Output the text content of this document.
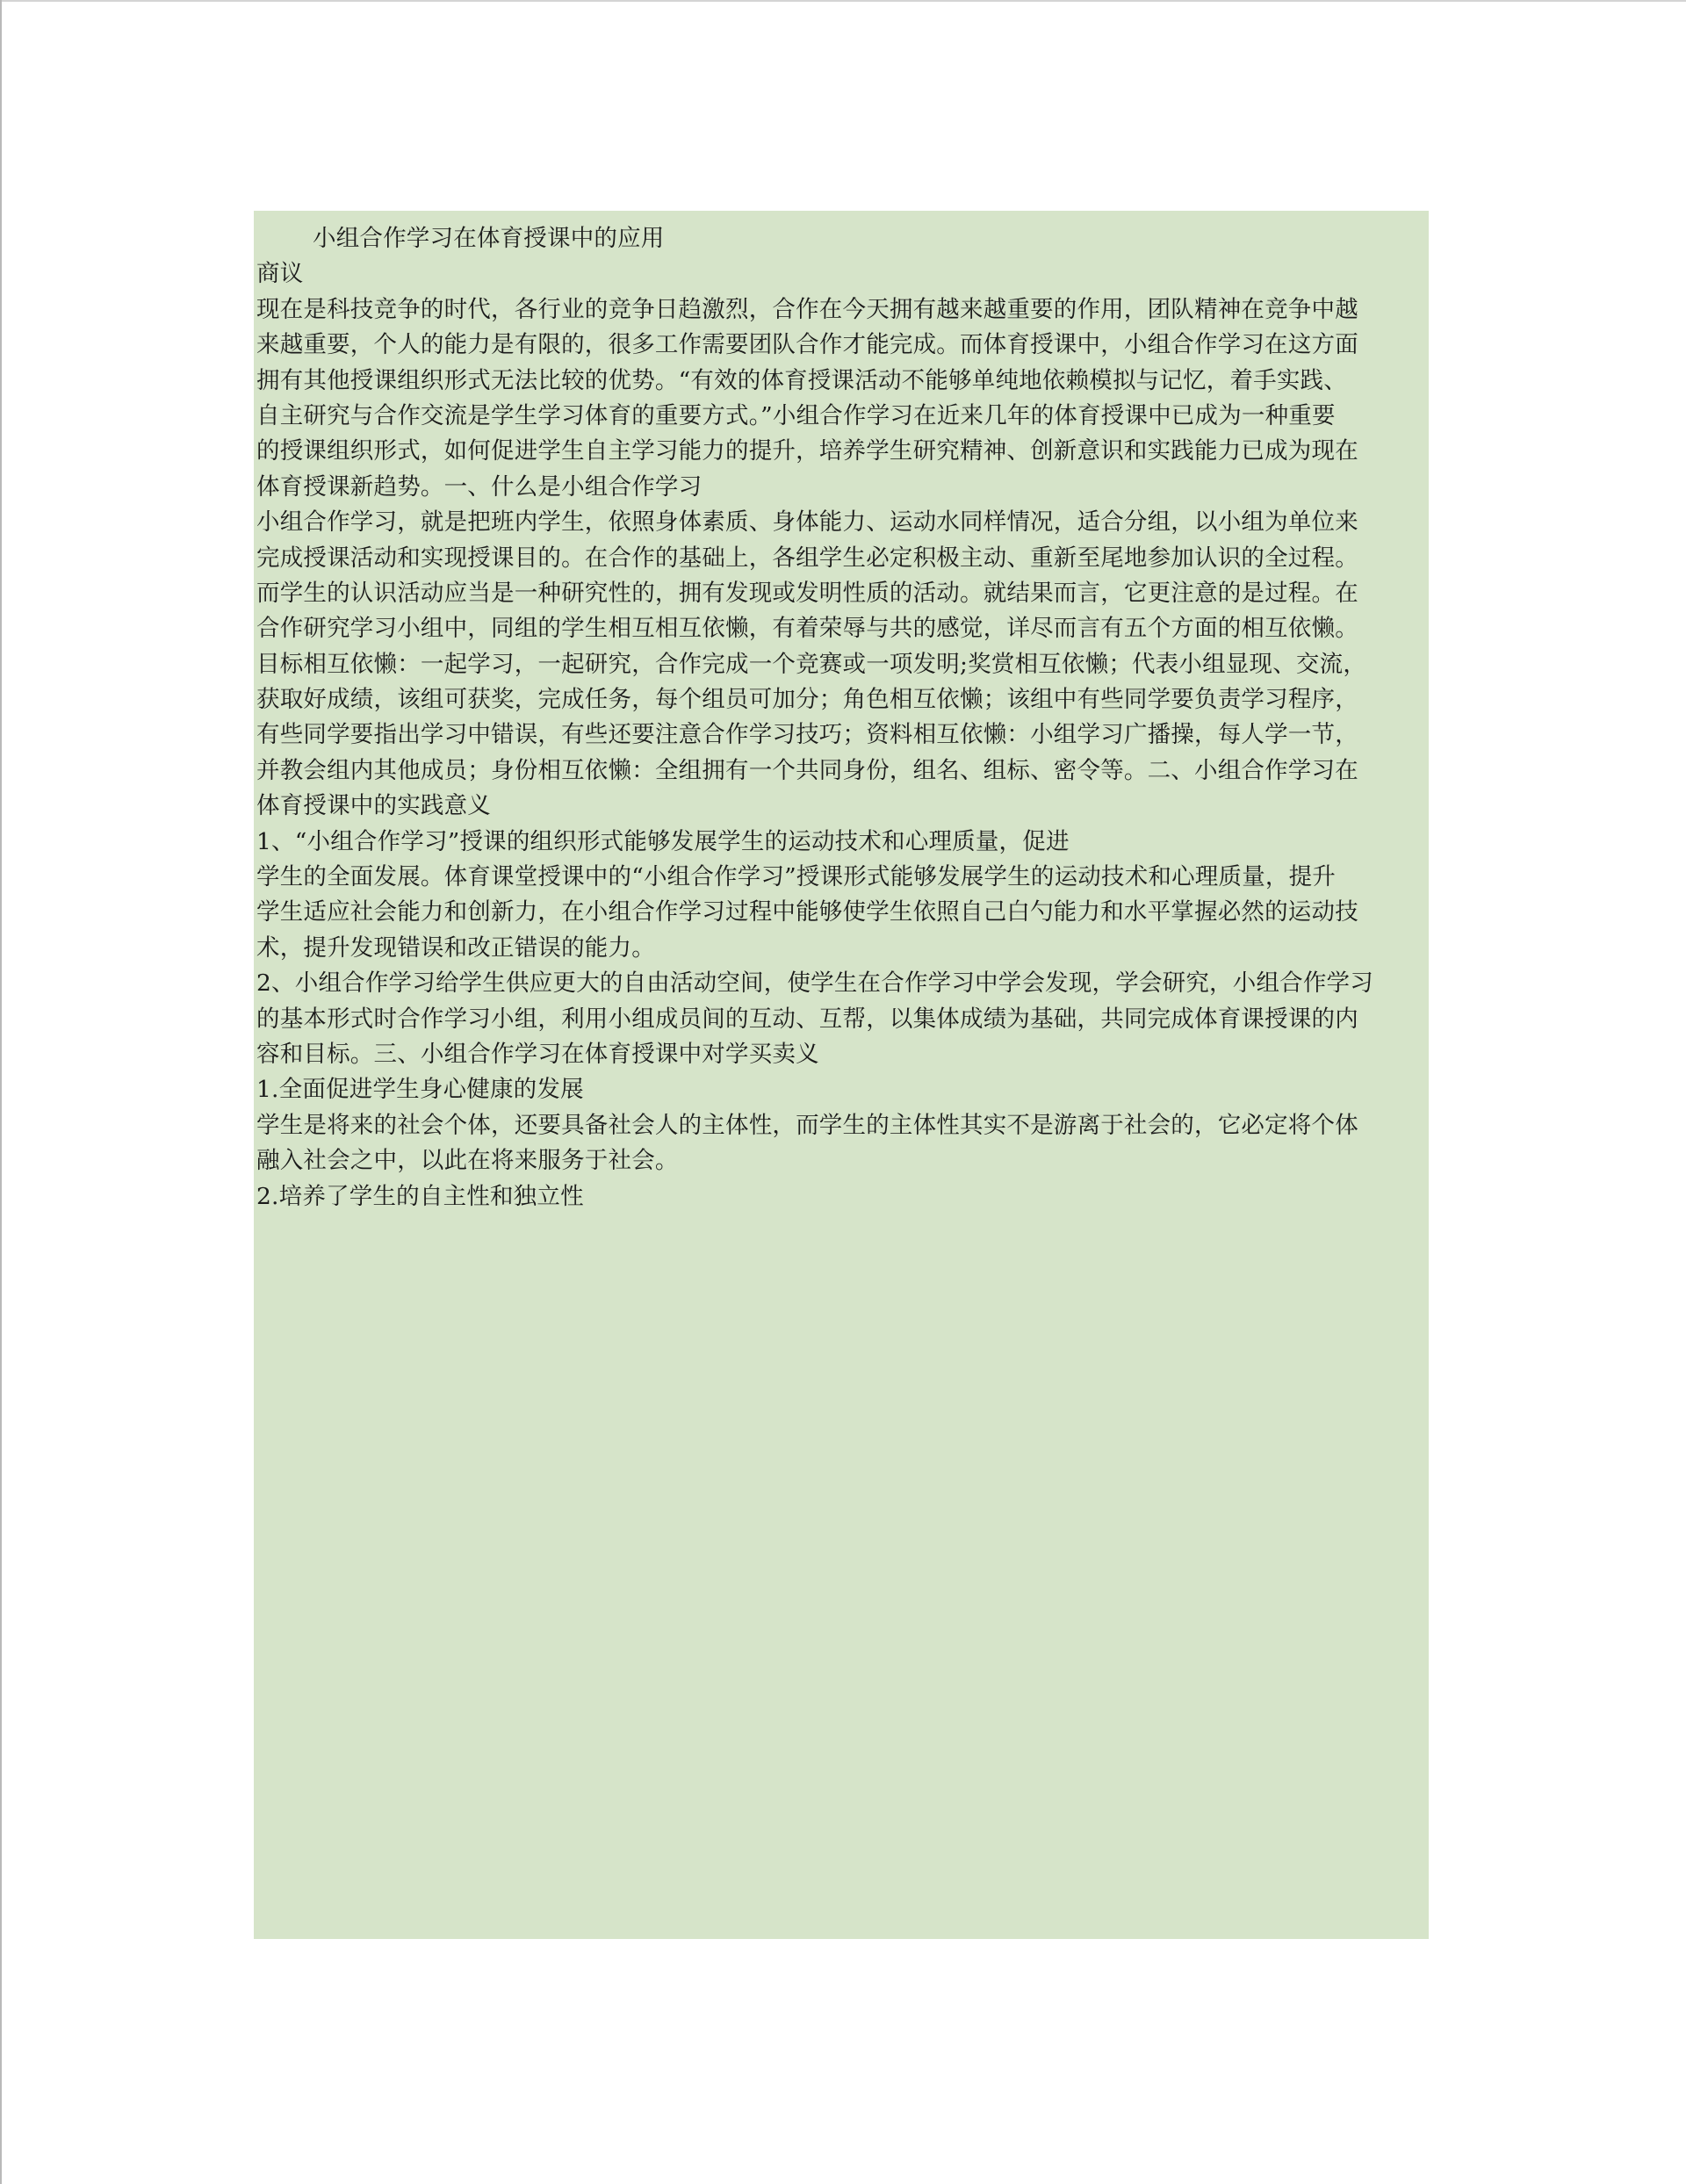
小组合作学习在体育授课中的应用
商议
现在是科技竞争的时代，各行业的竞争日趋激烈，合作在今天拥有越来越重要的作用，团队精神在竞争中越
来越重要，个人的能力是有限的，很多工作需要团队合作才能完成。而体育授课中，小组合作学习在这方面
拥有其他授课组织形式无法比较的优势。“有效的体育授课活动不能够单纯地依赖模拟与记忆，着手实践、
自主研究与合作交流是学生学习体育的重要方式。”小组合作学习在近来几年的体育授课中已成为一种重要
的授课组织形式，如何促进学生自主学习能力的提升，培养学生研究精神、创新意识和实践能力已成为现在
体育授课新趋势。一、什么是小组合作学习
小组合作学习，就是把班内学生，依照身体素质、身体能力、运动水同样情况，适合分组，以小组为单位来
完成授课活动和实现授课目的。在合作的基础上，各组学生必定积极主动、重新至尾地参加认识的全过程。
而学生的认识活动应当是一种研究性的，拥有发现或发明性质的活动。就结果而言，它更注意的是过程。在
合作研究学习小组中，同组的学生相互相互依懒，有着荣辱与共的感觉，详尽而言有五个方面的相互依懒。
目标相互依懒：一起学习，一起研究，合作完成一个竞赛或一项发明;奖赏相互依懒；代表小组显现、交流，
获取好成绩，该组可获奖，完成任务，每个组员可加分；角色相互依懒；该组中有些同学要负责学习程序，
有些同学要指出学习中错误，有些还要注意合作学习技巧；资料相互依懒：小组学习广播操，每人学一节，
并教会组内其他成员；身份相互依懒：全组拥有一个共同身份，组名、组标、密令等。二、小组合作学习在
体育授课中的实践意义
1、“小组合作学习”授课的组织形式能够发展学生的运动技术和心理质量，促进
学生的全面发展。体育课堂授课中的“小组合作学习”授课形式能够发展学生的运动技术和心理质量，提升
学生适应社会能力和创新力，在小组合作学习过程中能够使学生依照自己白勺能力和水平掌握必然的运动技
术，提升发现错误和改正错误的能力。
2、小组合作学习给学生供应更大的自由活动空间，使学生在合作学习中学会发现，学会研究，小组合作学习
的基本形式时合作学习小组，利用小组成员间的互动、互帮，以集体成绩为基础，共同完成体育课授课的内
容和目标。三、小组合作学习在体育授课中对学买卖义
1.全面促进学生身心健康的发展
学生是将来的社会个体，还要具备社会人的主体性，而学生的主体性其实不是游离于社会的，它必定将个体
融入社会之中，以此在将来服务于社会。
2.培养了学生的自主性和独立性
